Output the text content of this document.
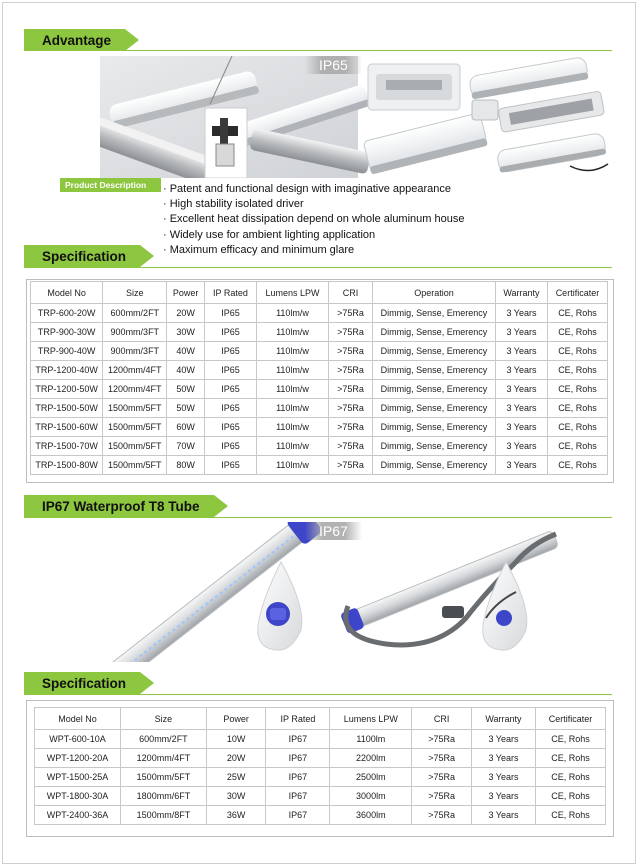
Advantage
IP65
Product Description	· Patent and functional design with imaginative appearance
· High stability isolated driver
· Excellent heat dissipation depend on whole aluminum house
· Widely use for ambient lighting application
· Maximum efficacy and minimum glare
Specification
Model No	Size	Power	IP Rated	Lumens LPW	CRI	Operation	Warranty	Certificater
TRP-600-20W	600mm/2FT	20W	IP65	110lm/w	>75Ra	Dimmig, Sense, Emerency	3 Years	CE, Rohs
TRP-900-30W	900mm/3FT	30W	IP65	110lm/w	>75Ra	Dimmig, Sense, Emerency	3 Years	CE, Rohs
TRP-900-40W	900mm/3FT	40W	IP65	110lm/w	>75Ra	Dimmig, Sense, Emerency	3 Years	CE, Rohs
TRP-1200-40W	1200mm/4FT	40W	IP65	110lm/w	>75Ra	Dimmig, Sense, Emerency	3 Years	CE, Rohs
TRP-1200-50W	1200mm/4FT	50W	IP65	110lm/w	>75Ra	Dimmig, Sense, Emerency	3 Years	CE, Rohs
TRP-1500-50W	1500mm/5FT	50W	IP65	110lm/w	>75Ra	Dimmig, Sense, Emerency	3 Years	CE, Rohs
TRP-1500-60W	1500mm/5FT	60W	IP65	110lm/w	>75Ra	Dimmig, Sense, Emerency	3 Years	CE, Rohs
TRP-1500-70W	1500mm/5FT	70W	IP65	110lm/w	>75Ra	Dimmig, Sense, Emerency	3 Years	CE, Rohs
TRP-1500-80W	1500mm/5FT	80W	IP65	110lm/w	>75Ra	Dimmig, Sense, Emerency	3 Years	CE, Rohs
IP67 Waterproof T8 Tube
IP67
Specification
Model No	Size	Power	IP Rated	Lumens LPW	CRI	Warranty	Certificater
WPT-600-10A	600mm/2FT	10W	IP67	1100lm	>75Ra	3 Years	CE, Rohs
WPT-1200-20A	1200mm/4FT	20W	IP67	2200lm	>75Ra	3 Years	CE, Rohs
WPT-1500-25A	1500mm/5FT	25W	IP67	2500lm	>75Ra	3 Years	CE, Rohs
WPT-1800-30A	1800mm/6FT	30W	IP67	3000lm	>75Ra	3 Years	CE, Rohs
WPT-2400-36A	1500mm/8FT	36W	IP67	3600lm	>75Ra	3 Years	CE, Rohs
